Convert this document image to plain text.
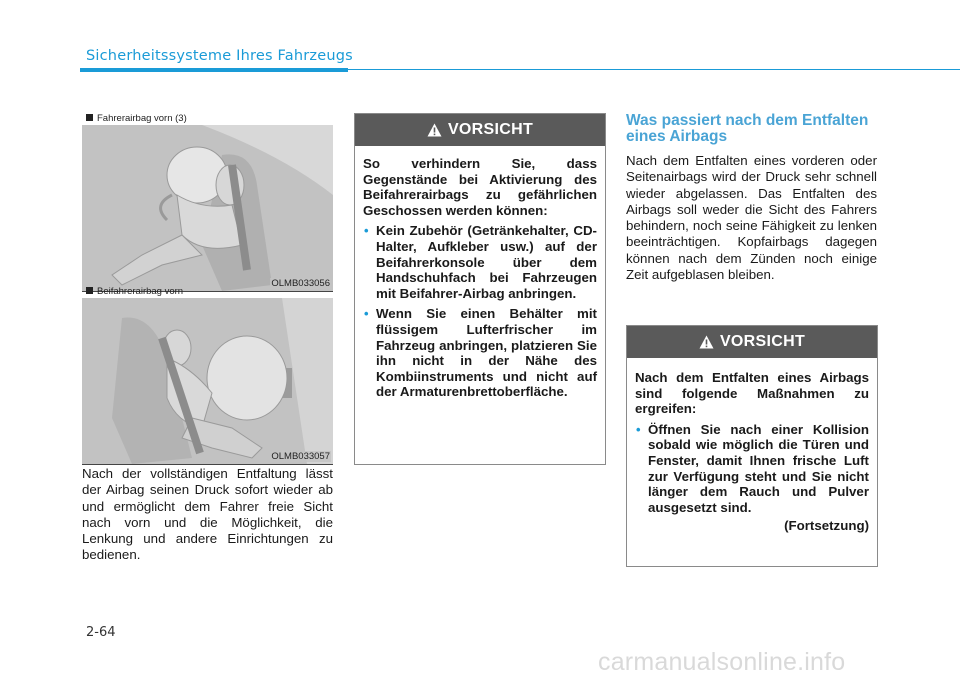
Sicherheitssysteme Ihres Fahrzeugs
Fahrerairbag vorn (3)
OLMB033056
Beifahrerairbag vorn
OLMB033057
Nach der vollständigen Entfaltung lässt der Airbag seinen Druck sofort wieder ab und ermöglicht dem Fahrer freie Sicht nach vorn und die Möglichkeit, die Lenkung und andere Einrichtungen zu bedienen.
VORSICHT

So verhindern Sie, dass Gegenstände bei Aktivierung des Beifahrerairbags zu gefährlichen Geschossen werden können:

• Kein Zubehör (Getränkehalter, CD-Halter, Aufkleber usw.) auf der Beifahrerkonsole über dem Handschuhfach bei Fahrzeugen mit Beifahrer-Airbag anbringen.
• Wenn Sie einen Behälter mit flüssigem Lufterfrischer im Fahrzeug anbringen, platzieren Sie ihn nicht in der Nähe des Kombiinstruments und nicht auf der Armaturenbrettoberfläche.
Was passiert nach dem Entfalten eines Airbags
Nach dem Entfalten eines vorderen oder Seitenairbags wird der Druck sehr schnell wieder abgelassen. Das Entfalten des Airbags soll weder die Sicht des Fahrers behindern, noch seine Fähigkeit zu lenken beeinträchtigen. Kopfairbags dagegen können nach dem Zünden noch einige Zeit aufgeblasen bleiben.
VORSICHT

Nach dem Entfalten eines Airbags sind folgende Maßnahmen zu ergreifen:

• Öffnen Sie nach einer Kollision sobald wie möglich die Türen und Fenster, damit Ihnen frische Luft zur Verfügung steht und Sie nicht länger dem Rauch und Pulver ausgesetzt sind.
(Fortsetzung)
2-64
carmanualsonline.info
